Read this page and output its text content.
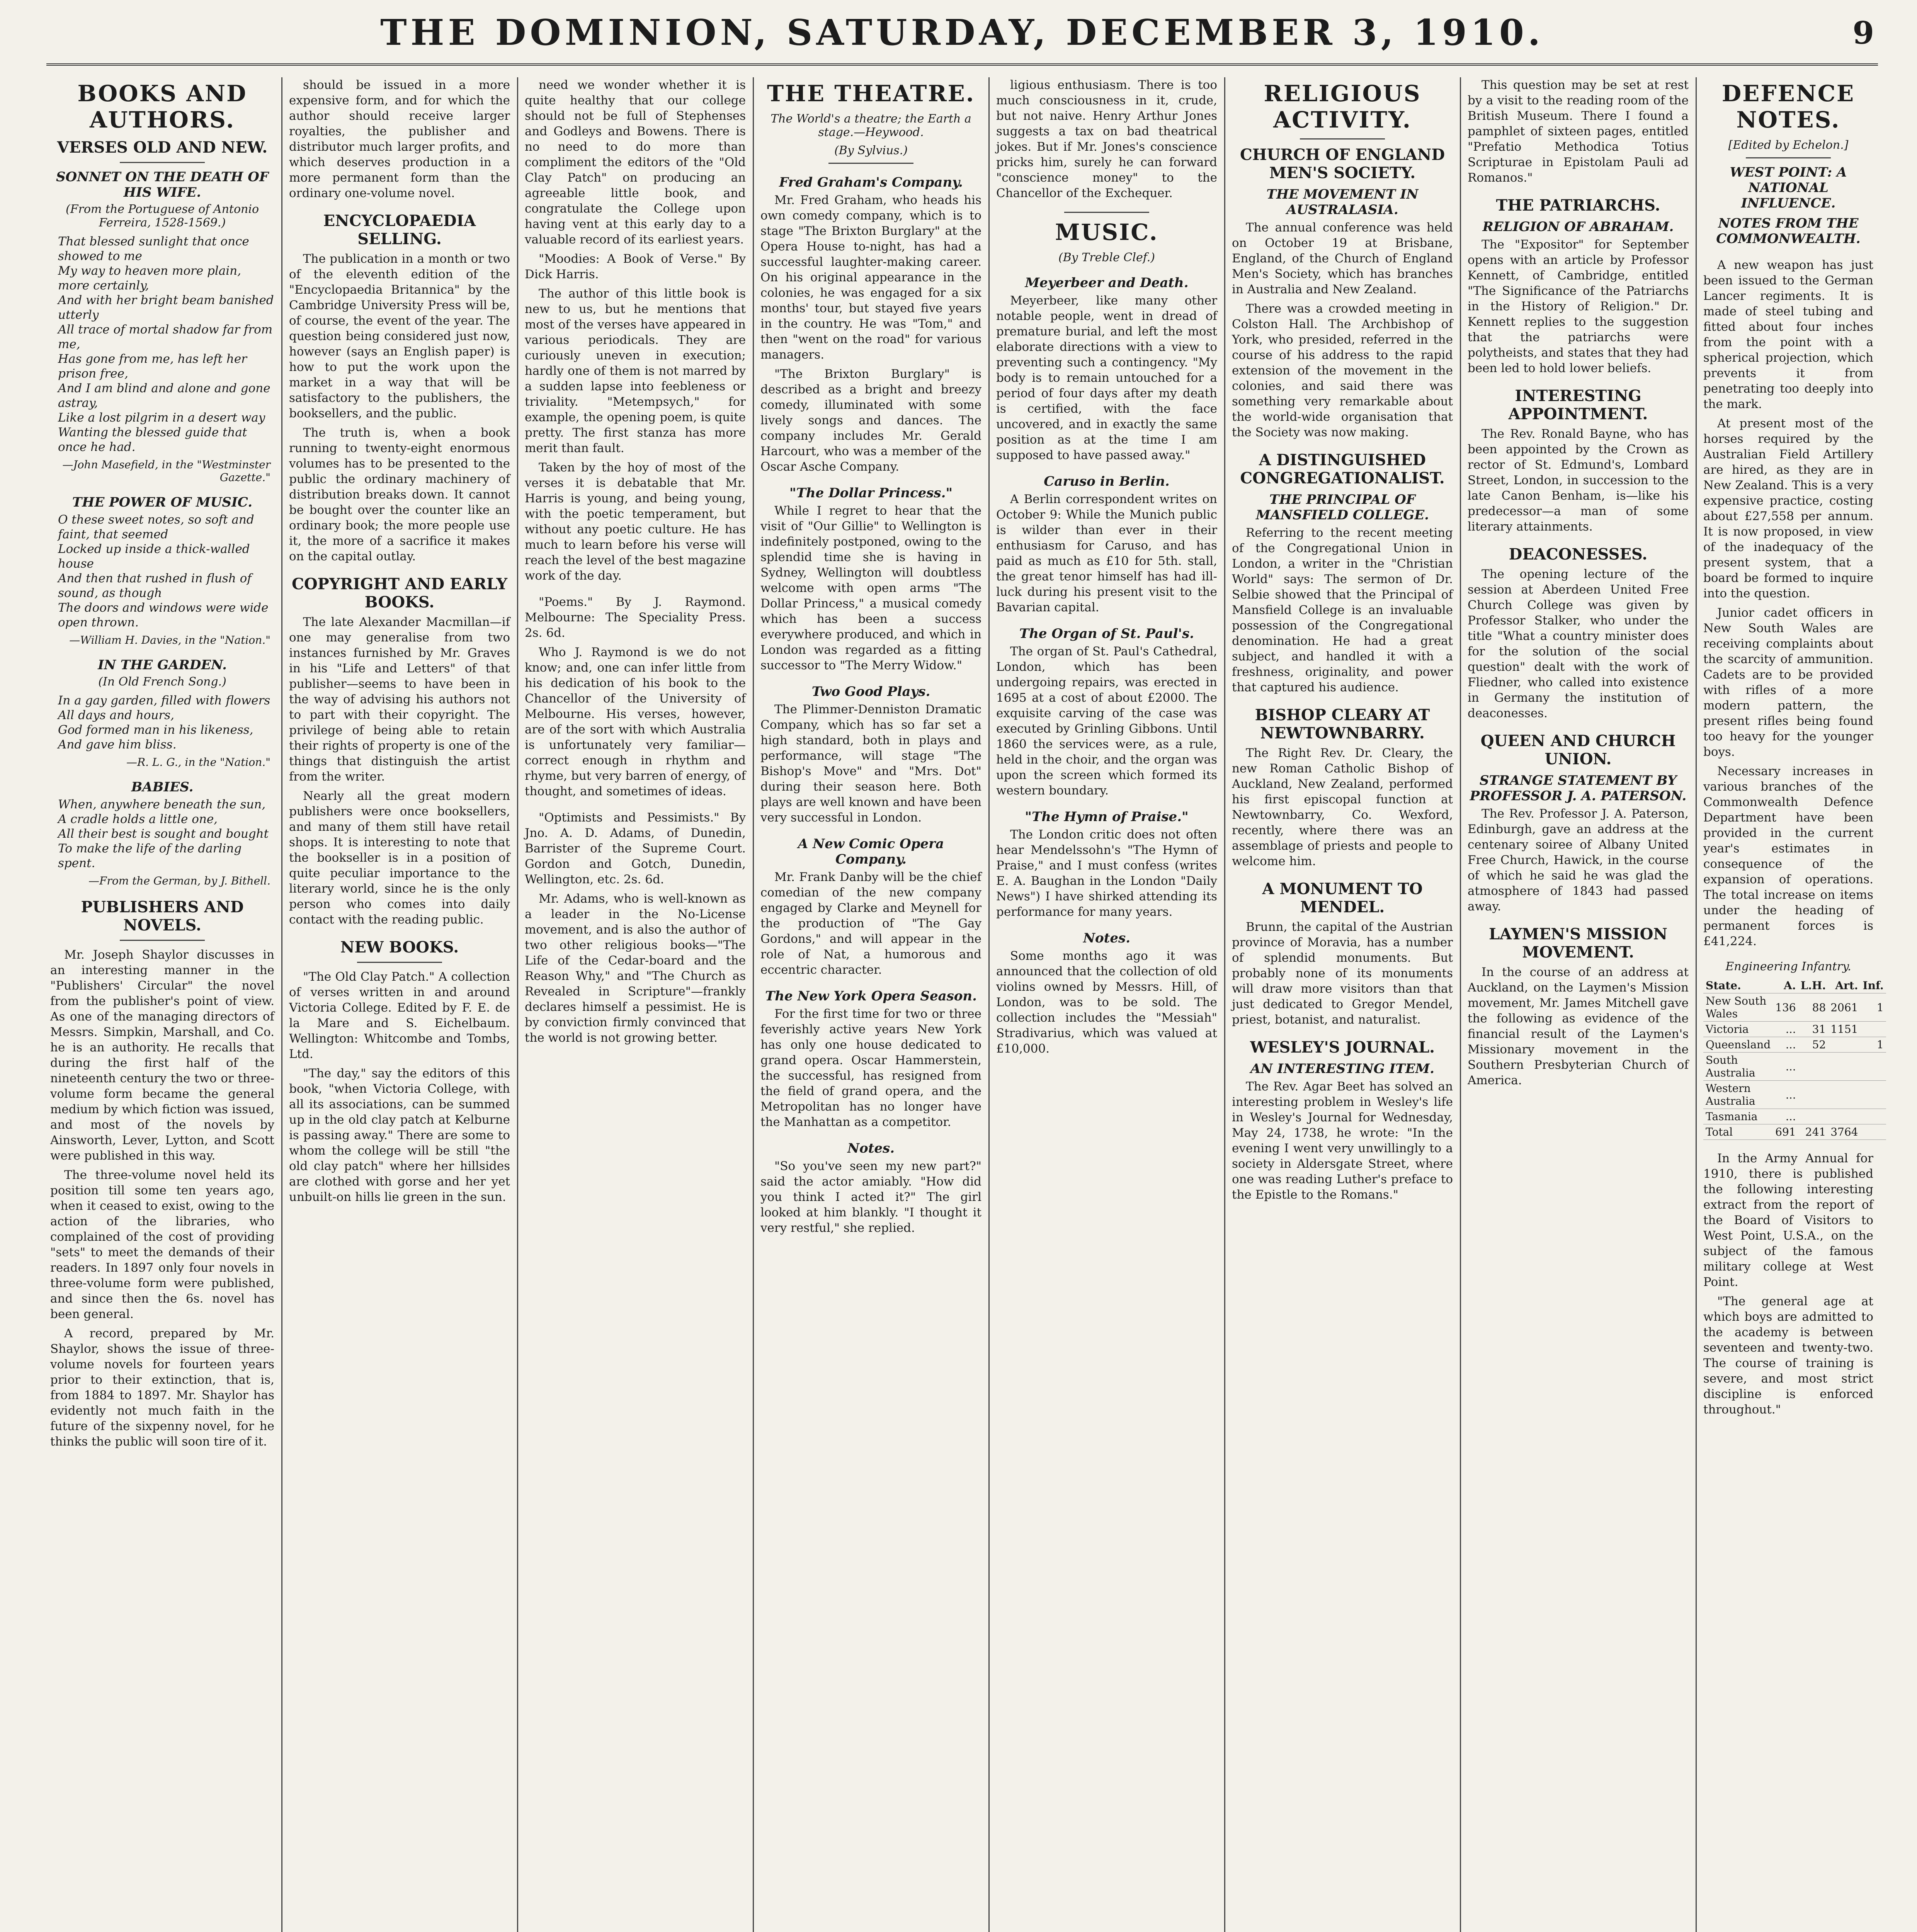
THE DOMINION, SATURDAY, DECEMBER 3, 1910.	9
BOOKS AND AUTHORS.
VERSES OLD AND NEW.
SONNET ON THE DEATH OF HIS WIFE.
(From the Portuguese of Antonio Ferreira, 1528-1569.)

That blessed sunlight that once showed to me
My way to heaven more plain, more certainly,
And with her bright beam banished utterly
All trace of mortal shadow far from me,
Has gone from me, has left her prison free,
And I am blind and alone and gone astray,
Like a lost pilgrim in a desert way
Wanting the blessed guide that once he had.

—John Masefield, in the "Westminster Gazette."
THE POWER OF MUSIC.

O these sweet notes, so soft and faint, that seemed
Locked up inside a thick-walled house
And then that rushed in flush of sound, as though
The doors and windows were wide open thrown.

—William H. Davies, in the "Nation."
IN THE GARDEN.
(In Old French Song.)

In a gay garden, filled with flowers
All days and hours,
God formed man in his likeness,
And gave him bliss.

—R. L. G., in the "Nation."
BABIES.

When, anywhere beneath the sun,
A cradle holds a little one,
All their best is sought and bought
To make the life of the darling spent.

—From the German, by J. Bithell.
PUBLISHERS AND NOVELS.

Mr. Joseph Shaylor discusses in an interesting manner in the "Publishers' Circular" the novel from the publisher's point of view. As one of the managing directors of Messrs. Simpkin, Marshall, and Co. he is an authority. He recalls that during the first half of the nineteenth century the two or three-volume form became the general medium by which fiction was issued, and most of the novels by Ainsworth, Lever, Lytton, and Scott were published in this way.

The three-volume novel held its position till some ten years ago, when it ceased to exist, owing to the action of the libraries, who complained of the cost of providing "sets" to meet the demands of their readers. In 1897 only four novels in three-volume form were published, and since then the 6s. novel has been general.

A record, prepared by Mr. Shaylor, shows the issue of three-volume novels for fourteen years prior to their extinction, that is, from 1884 to 1897. Mr. Shaylor has evidently not much faith in the future of the sixpenny novel, for he thinks the public will soon tire of it.

should be issued in a more expensive form, and for which the author should receive larger royalties, the publisher and distributor much larger profits, and which deserves production in a more permanent form than the ordinary one-volume novel.

ENCYCLOPAEDIA SELLING.

The publication in a month or two of the eleventh edition of the "Encyclopaedia Britannica" by the Cambridge University Press will be, of course, the event of the year. The question being considered just now, however (says an English paper) is how to put the work upon the market in a way that will be satisfactory to the publishers, the booksellers, and the public.

The truth is, when a book running to twenty-eight enormous volumes has to be presented to the public the ordinary machinery of distribution breaks down. It cannot be bought over the counter like an ordinary book; the more people use it, the more of a sacrifice it makes on the capital outlay.

COPYRIGHT AND EARLY BOOKS.

The late Alexander Macmillan—if one may generalise from two instances furnished by Mr. Graves in his "Life and Letters" of that publisher—seems to have been in the way of advising his authors not to part with their copyright. The privilege of being able to retain their rights of property is one of the things that distinguish the artist from the writer.

Nearly all the great modern publishers were once booksellers, and many of them still have retail shops. It is interesting to note that the bookseller is in a position of quite peculiar importance to the literary world, since he is the only person who comes into daily contact with the reading public.

NEW BOOKS.

"The Old Clay Patch." A collection of verses written in and around Victoria College. Edited by F. E. de la Mare and S. Eichelbaum. Wellington: Whitcombe and Tombs, Ltd.

"The day," say the editors of this book, "when Victoria College, with all its associations, can be summed up in the old clay patch at Kelburne is passing away." There are some to whom the college will be still "the old clay patch" where her hillsides are clothed with gorse and her yet unbuilt-on hills lie green in the sun.

need we wonder whether it is quite healthy that our college should not be full of Stephenses and Godleys and Bowens. There is no need to do more than compliment the editors of the "Old Clay Patch" on producing an agreeable little book, and congratulate the College upon having vent at this early day to a valuable record of its earliest years.

"Moodies: A Book of Verse." By Dick Harris.

The author of this little book is new to us, but he mentions that most of the verses have appeared in various periodicals. They are curiously uneven in execution; hardly one of them is not marred by a sudden lapse into feebleness or triviality. "Metempsych," for example, the opening poem, is quite pretty. The first stanza has more merit than fault.

Taken by the hoy of most of the verses it is debatable that Mr. Harris is young, and being young, with the poetic temperament, but without any poetic culture. He has much to learn before his verse will reach the level of the best magazine work of the day.

"Poems." By J. Raymond. Melbourne: The Speciality Press. 2s. 6d.

Who J. Raymond is we do not know; and, one can infer little from his dedication of his book to the Chancellor of the University of Melbourne. His verses, however, are of the sort with which Australia is unfortunately very familiar—correct enough in rhythm and rhyme, but very barren of energy, of thought, and sometimes of ideas.

"Optimists and Pessimists." By Jno. A. D. Adams, of Dunedin, Barrister of the Supreme Court. Gordon and Gotch, Dunedin, Wellington, etc. 2s. 6d.

Mr. Adams, who is well-known as a leader in the No-License movement, and is also the author of two other religious books—"The Life of the Cedar-board and the Reason Why," and "The Church as Revealed in Scripture"—frankly declares himself a pessimist. He is by conviction firmly convinced that the world is not growing better.

THE THEATRE.
The World's a theatre; the Earth a stage.—Heywood.
(By Sylvius.)
Fred Graham's Company.

Mr. Fred Graham, who heads his own comedy company, which is to stage "The Brixton Burglary" at the Opera House to-night, has had a successful laughter-making career. On his original appearance in the colonies, he was engaged for a six months' tour, but stayed five years in the country. He was "Tom," and then "went on the road" for various managers.

"The Brixton Burglary" is described as a bright and breezy comedy, illuminated with some lively songs and dances. The company includes Mr. Gerald Harcourt, who was a member of the Oscar Asche Company.

"The Dollar Princess."

While I regret to hear that the visit of "Our Gillie" to Wellington is indefinitely postponed, owing to the splendid time she is having in Sydney, Wellington will doubtless welcome with open arms "The Dollar Princess," a musical comedy which has been a success everywhere produced, and which in London was regarded as a fitting successor to "The Merry Widow."

Two Good Plays.

The Plimmer-Denniston Dramatic Company, which has so far set a high standard, both in plays and performance, will stage "The Bishop's Move" and "Mrs. Dot" during their season here. Both plays are well known and have been very successful in London.

A New Comic Opera Company.

Mr. Frank Danby will be the chief comedian of the new company engaged by Clarke and Meynell for the production of "The Gay Gordons," and will appear in the role of Nat, a humorous and eccentric character.

The New York Opera Season.

For the first time for two or three feverishly active years New York has only one house dedicated to grand opera. Oscar Hammerstein, the successful, has resigned from the field of grand opera, and the Metropolitan has no longer have the Manhattan as a competitor.

Notes.

"So you've seen my new part?" said the actor amiably. "How did you think I acted it?" The girl looked at him blankly. "I thought it very restful," she replied.

ligious enthusiasm. There is too much consciousness in it, crude, but not naive. Henry Arthur Jones suggests a tax on bad theatrical jokes. But if Mr. Jones's conscience pricks him, surely he can forward "conscience money" to the Chancellor of the Exchequer.

MUSIC.
(By Treble Clef.)
Meyerbeer and Death.

Meyerbeer, like many other notable people, went in dread of premature burial, and left the most elaborate directions with a view to preventing such a contingency. "My body is to remain untouched for a period of four days after my death is certified, with the face uncovered, and in exactly the same position as at the time I am supposed to have passed away."

Caruso in Berlin.

A Berlin correspondent writes on October 9: While the Munich public is wilder than ever in their enthusiasm for Caruso, and has paid as much as £10 for 5th. stall, the great tenor himself has had ill-luck during his present visit to the Bavarian capital.

The Organ of St. Paul's.

The organ of St. Paul's Cathedral, London, which has been undergoing repairs, was erected in 1695 at a cost of about £2000. The exquisite carving of the case was executed by Grinling Gibbons. Until 1860 the services were, as a rule, held in the choir, and the organ was upon the screen which formed its western boundary.

"The Hymn of Praise."

The London critic does not often hear Mendelssohn's "The Hymn of Praise," and I must confess (writes E. A. Baughan in the London "Daily News") I have shirked attending its performance for many years.

Notes.

Some months ago it was announced that the collection of old violins owned by Messrs. Hill, of London, was to be sold. The collection includes the "Messiah" Stradivarius, which was valued at £10,000.

RELIGIOUS ACTIVITY.
CHURCH OF ENGLAND MEN'S SOCIETY.
THE MOVEMENT IN AUSTRALASIA.

The annual conference was held on October 19 at Brisbane, England, of the Church of England Men's Society, which has branches in Australia and New Zealand.

There was a crowded meeting in Colston Hall. The Archbishop of York, who presided, referred in the course of his address to the rapid extension of the movement in the colonies, and said there was something very remarkable about the world-wide organisation that the Society was now making.

A DISTINGUISHED CONGREGATIONALIST.
THE PRINCIPAL OF MANSFIELD COLLEGE.

Referring to the recent meeting of the Congregational Union in London, a writer in the "Christian World" says: The sermon of Dr. Selbie showed that the Principal of Mansfield College is an invaluable possession of the Congregational denomination. He had a great subject, and handled it with a freshness, originality, and power that captured his audience.

BISHOP CLEARY AT NEWTOWNBARRY.

The Right Rev. Dr. Cleary, the new Roman Catholic Bishop of Auckland, New Zealand, performed his first episcopal function at Newtownbarry, Co. Wexford, recently, where there was an assemblage of priests and people to welcome him.

A MONUMENT TO MENDEL.

Brunn, the capital of the Austrian province of Moravia, has a number of splendid monuments. But probably none of its monuments will draw more visitors than that just dedicated to Gregor Mendel, priest, botanist, and naturalist.

WESLEY'S JOURNAL.
AN INTERESTING ITEM.

The Rev. Agar Beet has solved an interesting problem in Wesley's life in Wesley's Journal for Wednesday, May 24, 1738, he wrote: "In the evening I went very unwillingly to a society in Aldersgate Street, where one was reading Luther's preface to the Epistle to the Romans."

This question may be set at rest by a visit to the reading room of the British Museum. There I found a pamphlet of sixteen pages, entitled "Prefatio Methodica Totius Scripturae in Epistolam Pauli ad Romanos."

THE PATRIARCHS.
RELIGION OF ABRAHAM.

The "Expositor" for September opens with an article by Professor Kennett, of Cambridge, entitled "The Significance of the Patriarchs in the History of Religion." Dr. Kennett replies to the suggestion that the patriarchs were polytheists, and states that they had been led to hold lower beliefs.

INTERESTING APPOINTMENT.

The Rev. Ronald Bayne, who has been appointed by the Crown as rector of St. Edmund's, Lombard Street, London, in succession to the late Canon Benham, is—like his predecessor—a man of some literary attainments.

DEACONESSES.

The opening lecture of the session at Aberdeen United Free Church College was given by Professor Stalker, who under the title "What a country minister does for the solution of the social question" dealt with the work of Fliedner, who called into existence in Germany the institution of deaconesses.

QUEEN AND CHURCH UNION.
STRANGE STATEMENT BY PROFESSOR J. A. PATERSON.

The Rev. Professor J. A. Paterson, Edinburgh, gave an address at the centenary soiree of Albany United Free Church, Hawick, in the course of which he said he was glad the atmosphere of 1843 had passed away.

LAYMEN'S MISSION MOVEMENT.

In the course of an address at Auckland, on the Laymen's Mission movement, Mr. James Mitchell gave the following as evidence of the financial result of the Laymen's Missionary movement in the Southern Presbyterian Church of America.

DEFENCE NOTES.
[Edited by Echelon.]
WEST POINT: A NATIONAL INFLUENCE.
NOTES FROM THE COMMONWEALTH.

A new weapon has just been issued to the German Lancer regiments. It is made of steel tubing and fitted about four inches from the point with a spherical projection, which prevents it from penetrating too deeply into the mark.

At present most of the horses required by the Australian Field Artillery are hired, as they are in New Zealand. This is a very expensive practice, costing about £27,558 per annum. It is now proposed, in view of the inadequacy of the present system, that a board be formed to inquire into the question.

Junior cadet officers in New South Wales are receiving complaints about the scarcity of ammunition. Cadets are to be provided with rifles of a more modern pattern, the present rifles being found too heavy for the younger boys.

Necessary increases in various branches of the Commonwealth Defence Department have been provided in the current year's estimates in consequence of the expansion of operations. The total increase on items under the heading of permanent forces is £41,224.

Engineering Infantry.
State.	A.	L.H.	Art.	Inf.
New South Wales	136	88	2061	1
Victoria	...	31	1151	
Queensland	...	52		1
South Australia	...			
Western Australia	...			
Tasmania	...			
Total	691	241	3764	

In the Army Annual for 1910, there is published the following interesting extract from the report of the Board of Visitors to West Point, U.S.A., on the subject of the famous military college at West Point.

"The general age at which boys are admitted to the academy is between seventeen and twenty-two. The course of training is severe, and most strict discipline is enforced throughout."
